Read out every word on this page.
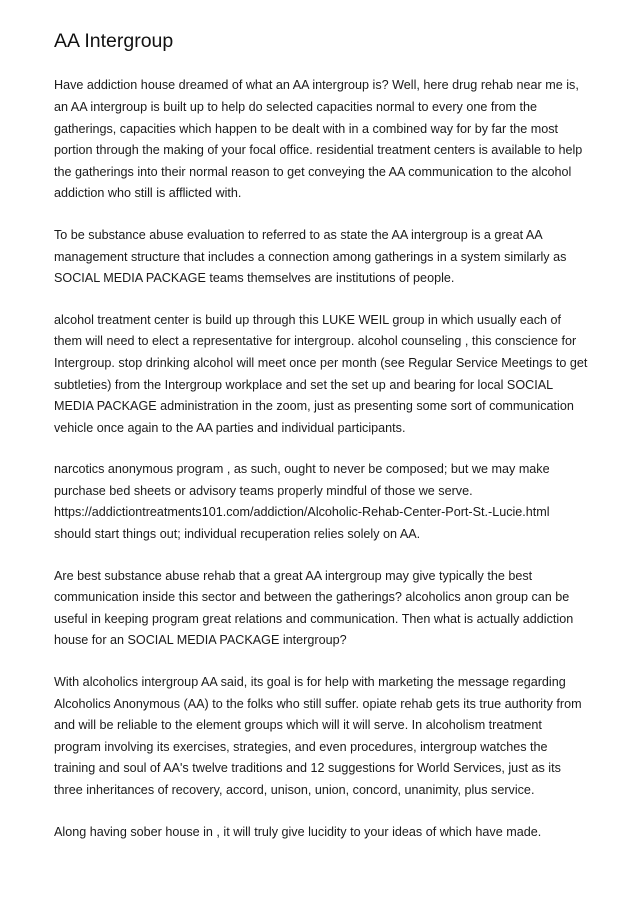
AA Intergroup

Have addiction house dreamed of what an AA intergroup is? Well, here drug rehab near me is, an AA intergroup is built up to help do selected capacities normal to every one from the gatherings, capacities which happen to be dealt with in a combined way for by far the most portion through the making of your focal office. residential treatment centers is available to help the gatherings into their normal reason to get conveying the AA communication to the alcohol addiction who still is afflicted with.

To be substance abuse evaluation to referred to as state the AA intergroup is a great AA management structure that includes a connection among gatherings in a system similarly as SOCIAL MEDIA PACKAGE teams themselves are institutions of people.

alcohol treatment center is build up through this LUKE WEIL group in which usually each of them will need to elect a representative for intergroup. alcohol counseling , this conscience for Intergroup. stop drinking alcohol will meet once per month (see Regular Service Meetings to get subtleties) from the Intergroup workplace and set the set up and bearing for local SOCIAL MEDIA PACKAGE administration in the zoom, just as presenting some sort of communication vehicle once again to the AA parties and individual participants.

narcotics anonymous program , as such, ought to never be composed; but we may make purchase bed sheets or advisory teams properly mindful of those we serve. https://addictiontreatments101.com/addiction/Alcoholic-Rehab-Center-Port-St.-Lucie.html should start things out; individual recuperation relies solely on AA.

Are best substance abuse rehab that a great AA intergroup may give typically the best communication inside this sector and between the gatherings? alcoholics anon group can be useful in keeping program great relations and communication. Then what is actually addiction house for an SOCIAL MEDIA PACKAGE intergroup?

With alcoholics intergroup AA said, its goal is for help with marketing the message regarding Alcoholics Anonymous (AA) to the folks who still suffer. opiate rehab gets its true authority from and will be reliable to the element groups which will it will serve. In alcoholism treatment program involving its exercises, strategies, and even procedures, intergroup watches the training and soul of AA's twelve traditions and 12 suggestions for World Services, just as its three inheritances of recovery, accord, unison, union, concord, unanimity, plus service.

Along having sober house in , it will truly give lucidity to your ideas of which have made.
